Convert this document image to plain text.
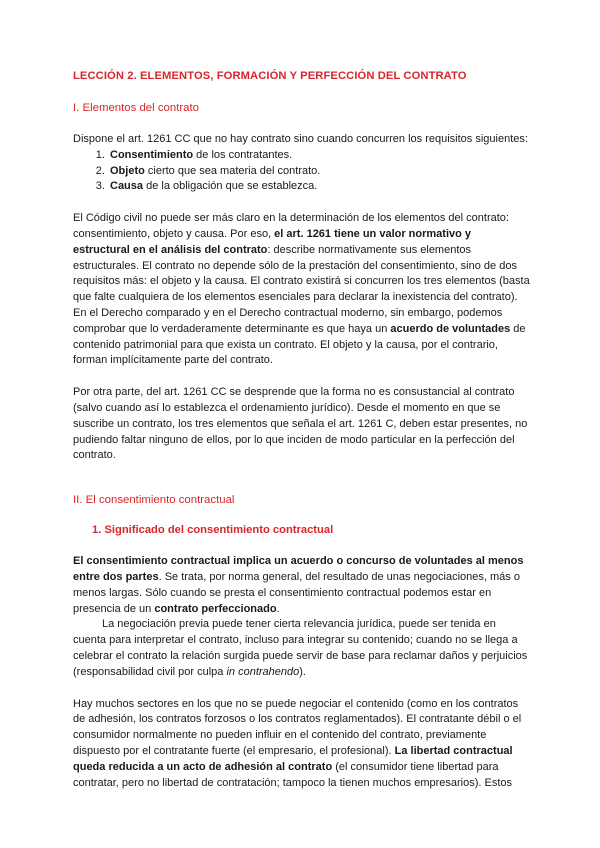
LECCIÓN 2. ELEMENTOS, FORMACIÓN Y PERFECCIÓN DEL CONTRATO
I. Elementos del contrato

Dispone el art. 1261 CC que no hay contrato sino cuando concurren los requisitos siguientes:

1. Consentimiento de los contratantes.
2. Objeto cierto que sea materia del contrato.
3. Causa de la obligación que se establezca.

El Código civil no puede ser más claro en la determinación de los elementos del contrato: consentimiento, objeto y causa. Por eso, el art. 1261 tiene un valor normativo y estructural en el análisis del contrato: describe normativamente sus elementos estructurales. El contrato no depende sólo de la prestación del consentimiento, sino de dos requisitos más: el objeto y la causa. El contrato existirá si concurren los tres elementos (basta que falte cualquiera de los elementos esenciales para declarar la inexistencia del contrato).

En el Derecho comparado y en el Derecho contractual moderno, sin embargo, podemos comprobar que lo verdaderamente determinante es que haya un acuerdo de voluntades de contenido patrimonial para que exista un contrato. El objeto y la causa, por el contrario, forman implícitamente parte del contrato.

Por otra parte, del art. 1261 CC se desprende que la forma no es consustancial al contrato (salvo cuando así lo establezca el ordenamiento jurídico). Desde el momento en que se suscribe un contrato, los tres elementos que señala el art. 1261 C, deben estar presentes, no pudiendo faltar ninguno de ellos, por lo que inciden de modo particular en la perfección del contrato.

II. El consentimiento contractual
1. Significado del consentimiento contractual

El consentimiento contractual implica un acuerdo o concurso de voluntades al menos entre dos partes. Se trata, por norma general, del resultado de unas negociaciones, más o menos largas. Sólo cuando se presta el consentimiento contractual podemos estar en presencia de un contrato perfeccionado.

La negociación previa puede tener cierta relevancia jurídica, puede ser tenida en cuenta para interpretar el contrato, incluso para integrar su contenido; cuando no se llega a celebrar el contrato la relación surgida puede servir de base para reclamar daños y perjuicios (responsabilidad civil por culpa in contrahendo).

Hay muchos sectores en los que no se puede negociar el contenido (como en los contratos de adhesión, los contratos forzosos o los contratos reglamentados). El contratante débil o el consumidor normalmente no pueden influir en el contenido del contrato, previamente dispuesto por el contratante fuerte (el empresario, el profesional). La libertad contractual queda reducida a un acto de adhesión al contrato (el consumidor tiene libertad para contratar, pero no libertad de contratación; tampoco la tienen muchos empresarios). Estos
